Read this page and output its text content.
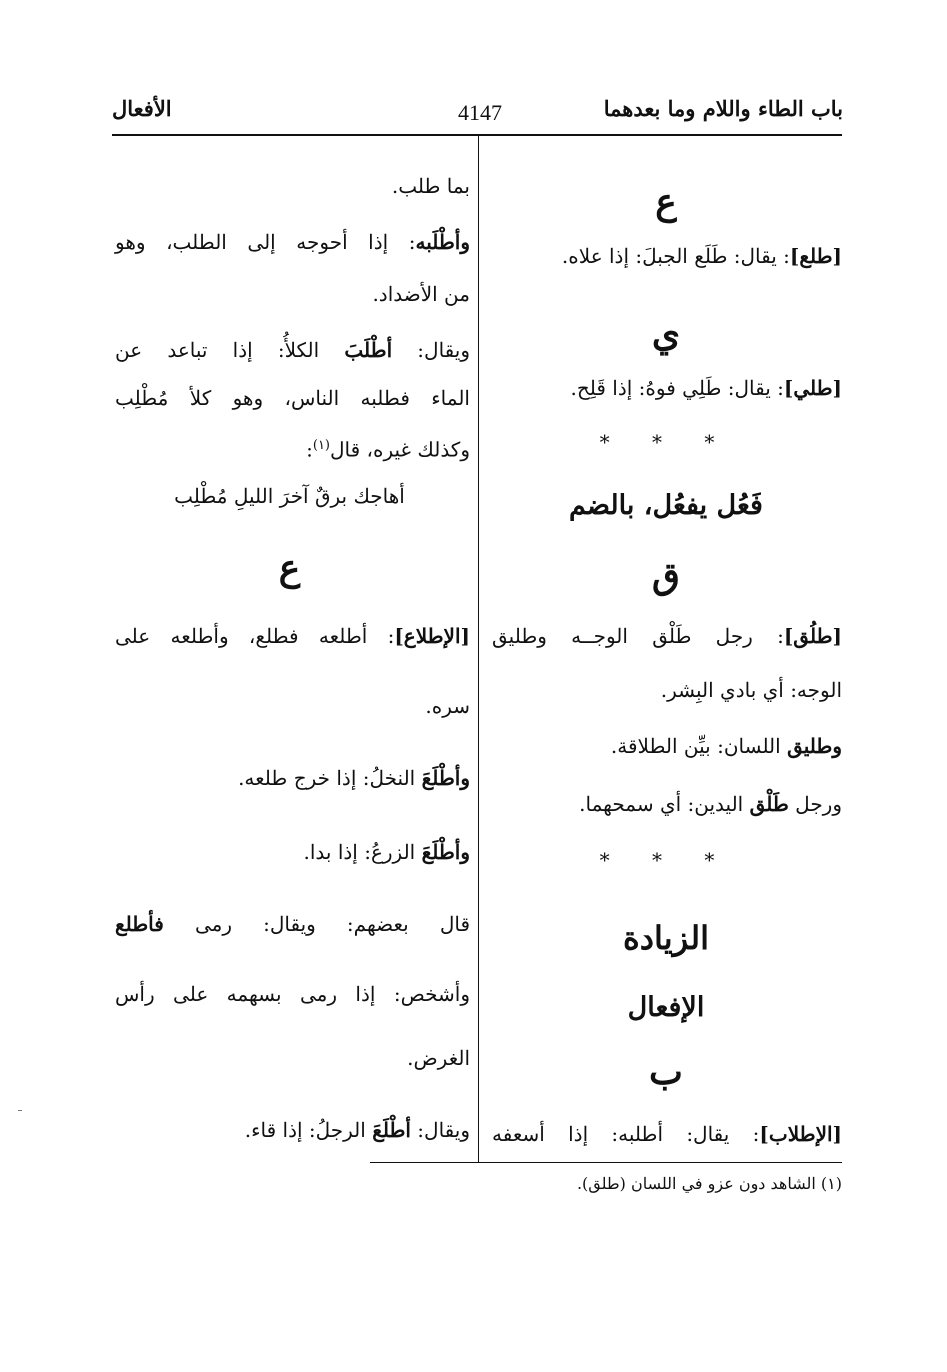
باب الطاء واللام وما بعدهما
4147
الأفعال
ع
[طلع]: يقال: طَلَع الجبلَ: إذا علاه.
ي
[طلي]: يقال: طَلِي فوهُ: إذا قَلِح.
* * *
فَعُل يفعُل، بالضم
ق
[طلُق]: رجل طَلْق الوجــه وطليق
الوجه: أي بادي البِشر.
وطليق اللسان: بيِّن الطلاقة.
ورجل طَلْق اليدين: أي سمحهما.
* * *
الزيادة
الإفعال
ب
[الإطلاب]: يقال: أطلبه: إذا أسعفه
بما طلب.
وأطْلَبه: إذا أحوجه إلى الطلب، وهو
من الأضداد.
ويقال: أطْلَبَ الكلأُ: إذا تباعد عن
الماء فطلبه الناس، وهو كلأ مُطْلِب
وكذلك غيره، قال$^{(١)}$:
أهاجك برقٌ آخرَ الليلِ مُطْلِب
ع
[الإطلاع]: أطلعه فطلع، وأطلعه على
سره.
وأطْلَعَ النخلُ: إذا خرج طلعه.
وأطْلَعَ الزرعُ: إذا بدا.
قال بعضهم: ويقال: رمى فأطلع
وأشخص: إذا رمى بسهمه على رأس
الغرض.
ويقال: أطْلَعَ الرجلُ: إذا قاء.
(١) الشاهد دون عزو في اللسان (طلق).
